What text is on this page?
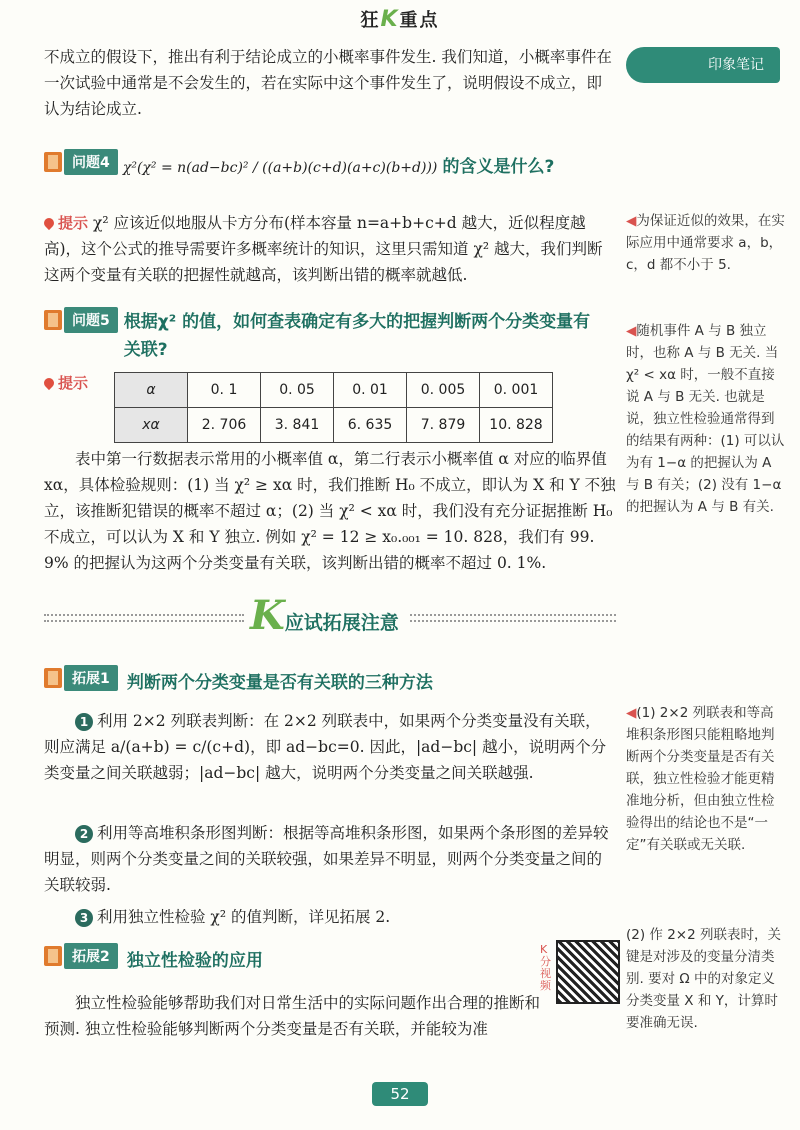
狂K重点
印象笔记
不成立的假设下，推出有利于结论成立的小概率事件发生. 我们知道，小概率事件在一次试验中通常是不会发生的，若在实际中这个事件发生了，说明假设不成立，即认为结论成立.
问题4 χ²(χ² = n(ad−bc)² / ((a+b)(c+d)(a+c)(b+d))) 的含义是什么?
提示 χ² 应该近似地服从卡方分布(样本容量 n=a+b+c+d 越大，近似程度越高)，这个公式的推导需要许多概率统计的知识，这里只需知道 χ² 越大，我们判断这两个变量有关联的把握性就越高，该判断出错的概率就越低.
问题5 根据χ² 的值，如何查表确定有多大的把握判断两个分类变量有关联?
提示	α	0. 1	0. 05	0. 01	0. 005	0. 001
xα	2. 706	3. 841	6. 635	7. 879	10. 828
表中第一行数据表示常用的小概率值 α，第二行表示小概率值 α 对应的临界值 xα，具体检验规则：(1) 当 χ² ≥ xα 时，我们推断 H₀ 不成立，即认为 X 和 Y 不独立，该推断犯错误的概率不超过 α；(2) 当 χ² < xα 时，我们没有充分证据推断 H₀ 不成立，可以认为 X 和 Y 独立. 例如 χ² = 12 ≥ x₀.₀₀₁ = 10. 828，我们有 99. 9% 的把握认为这两个分类变量有关联，该判断出错的概率不超过 0. 1%.
◀为保证近似的效果，在实际应用中通常要求 a，b，c，d 都不小于 5.
◀随机事件 A 与 B 独立时，也称 A 与 B 无关. 当 χ² < xα 时，一般不直接说 A 与 B 无关. 也就是说，独立性检验通常得到的结果有两种：(1) 可以认为有 1−α 的把握认为 A 与 B 有关；(2) 没有 1−α 的把握认为 A 与 B 有关.
◀(1) 2×2 列联表和等高堆积条形图只能粗略地判断两个分类变量是否有关联，独立性检验才能更精准地分析，但由独立性检验得出的结论也不是“一定”有关联或无关联.
(2) 作 2×2 列联表时，关键是对涉及的变量分清类别. 要对 Ω 中的对象定义分类变量 X 和 Y，计算时要准确无误.
K应试拓展注意
拓展1	判断两个分类变量是否有关联的三种方法
1 利用 2×2 列联表判断：在 2×2 列联表中，如果两个分类变量没有关联，则应满足 a/(a+b) = c/(c+d)，即 ad−bc=0. 因此，|ad−bc| 越小，说明两个分类变量之间关联越弱；|ad−bc| 越大，说明两个分类变量之间关联越强.
2 利用等高堆积条形图判断：根据等高堆积条形图，如果两个条形图的差异较明显，则两个分类变量之间的关联较强，如果差异不明显，则两个分类变量之间的关联较弱.
3 利用独立性检验 χ² 的值判断，详见拓展 2.
拓展2	独立性检验的应用
独立性检验能够帮助我们对日常生活中的实际问题作出合理的推断和预测. 独立性检验能够判断两个分类变量是否有关联，并能较为准
K分视频
52
